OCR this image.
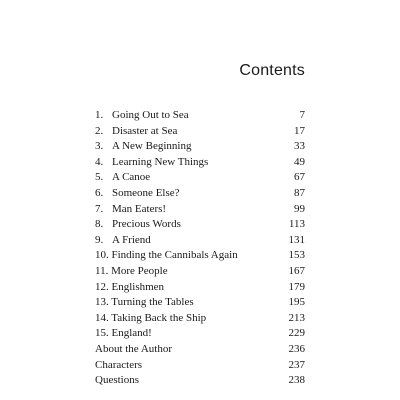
Contents
1. Going Out to Sea	7
2. Disaster at Sea	17
3. A New Beginning	33
4. Learning New Things	49
5. A Canoe	67
6. Someone Else?	87
7. Man Eaters!	99
8. Precious Words	113
9. A Friend	131
10. Finding the Cannibals Again	153
11. More People	167
12. Englishmen	179
13. Turning the Tables	195
14. Taking Back the Ship	213
15. England!	229
About the Author	236
Characters	237
Questions	238
